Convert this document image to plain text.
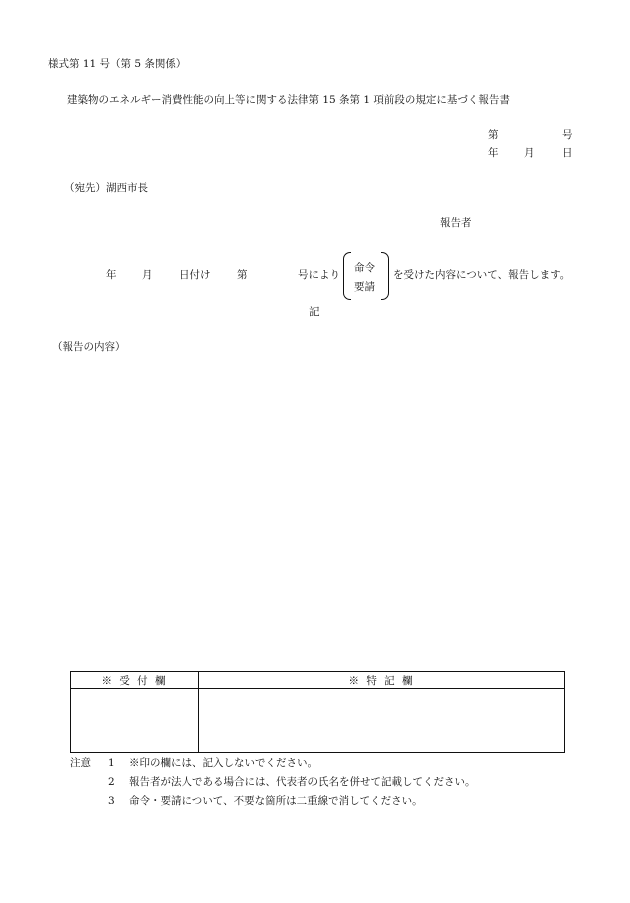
様式第 11 号（第 5 条関係）
建築物のエネルギー消費性能の向上等に関する法律第 15 条第 1 項前段の規定に基づく報告書
第	号
年 月	日
（宛先）湖西市長
報告者
年 月	日付け	第	号により
命令
要請
を受けた内容について、報告します。
記
（報告の内容）
※ 受 付 欄	※ 特 記 欄

注意 1 ※印の欄には、記入しないでください。
2 報告者が法人である場合には、代表者の氏名を併せて記載してください。
3 命令・要請について、不要な箇所は二重線で消してください。
